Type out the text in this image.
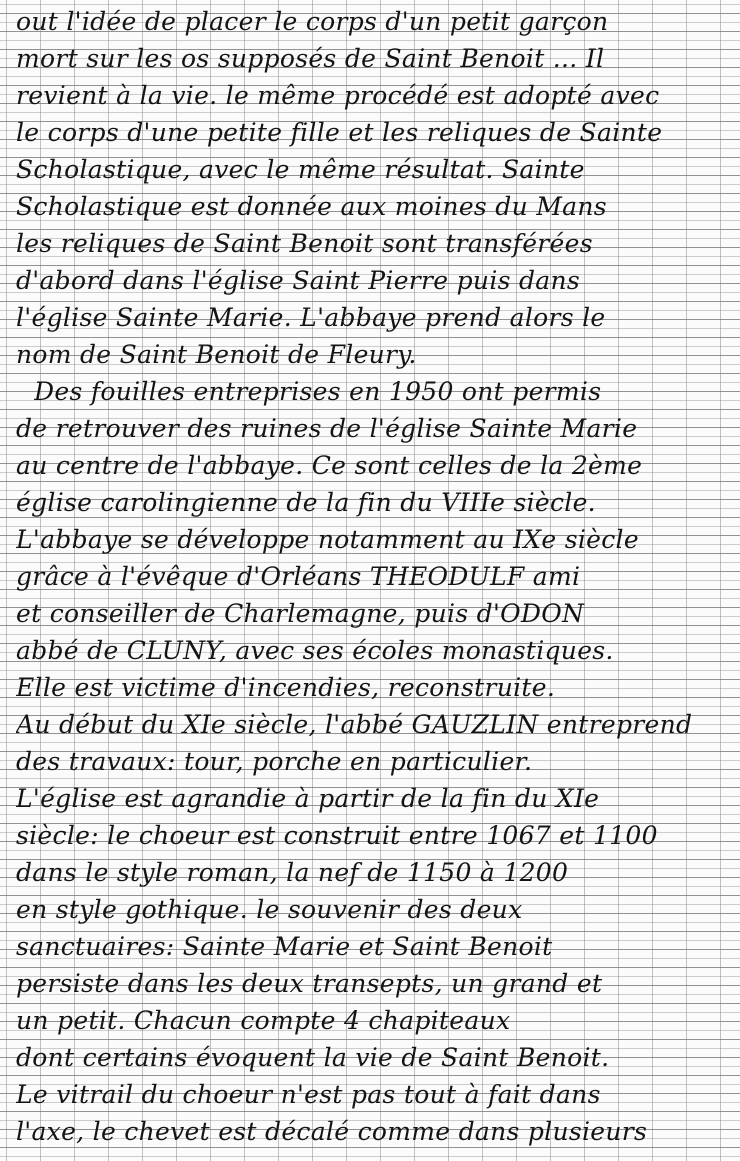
out l'idée de placer le corps d'un petit garçon
mort sur les os supposés de Saint Benoit ... Il
revient à la vie. le même procédé est adopté avec
le corps d'une petite fille et les reliques de Sainte
Scholastique, avec le même résultat. Sainte
Scholastique est donnée aux moines du Mans
les reliques de Saint Benoit sont transférées
d'abord dans l'église Saint Pierre puis dans
l'église Sainte Marie. L'abbaye prend alors le
nom de Saint Benoit de Fleury.
Des fouilles entreprises en 1950 ont permis
de retrouver des ruines de l'église Sainte Marie
au centre de l'abbaye. Ce sont celles de la 2ème
église carolingienne de la fin du VIIIe siècle.
L'abbaye se développe notamment au IXe siècle
grâce à l'évêque d'Orléans THEODULF ami
et conseiller de Charlemagne, puis d'ODON
abbé de CLUNY, avec ses écoles monastiques.
Elle est victime d'incendies, reconstruite.
Au début du XIe siècle, l'abbé GAUZLIN entreprend
des travaux: tour, porche en particulier.
L'église est agrandie à partir de la fin du XIe
siècle: le choeur est construit entre 1067 et 1100
dans le style roman, la nef de 1150 à 1200
en style gothique. le souvenir des deux
sanctuaires: Sainte Marie et Saint Benoit
persiste dans les deux transepts, un grand et
un petit. Chacun compte 4 chapiteaux
dont certains évoquent la vie de Saint Benoit.
Le vitrail du choeur n'est pas tout à fait dans
l'axe, le chevet est décalé comme dans plusieurs
